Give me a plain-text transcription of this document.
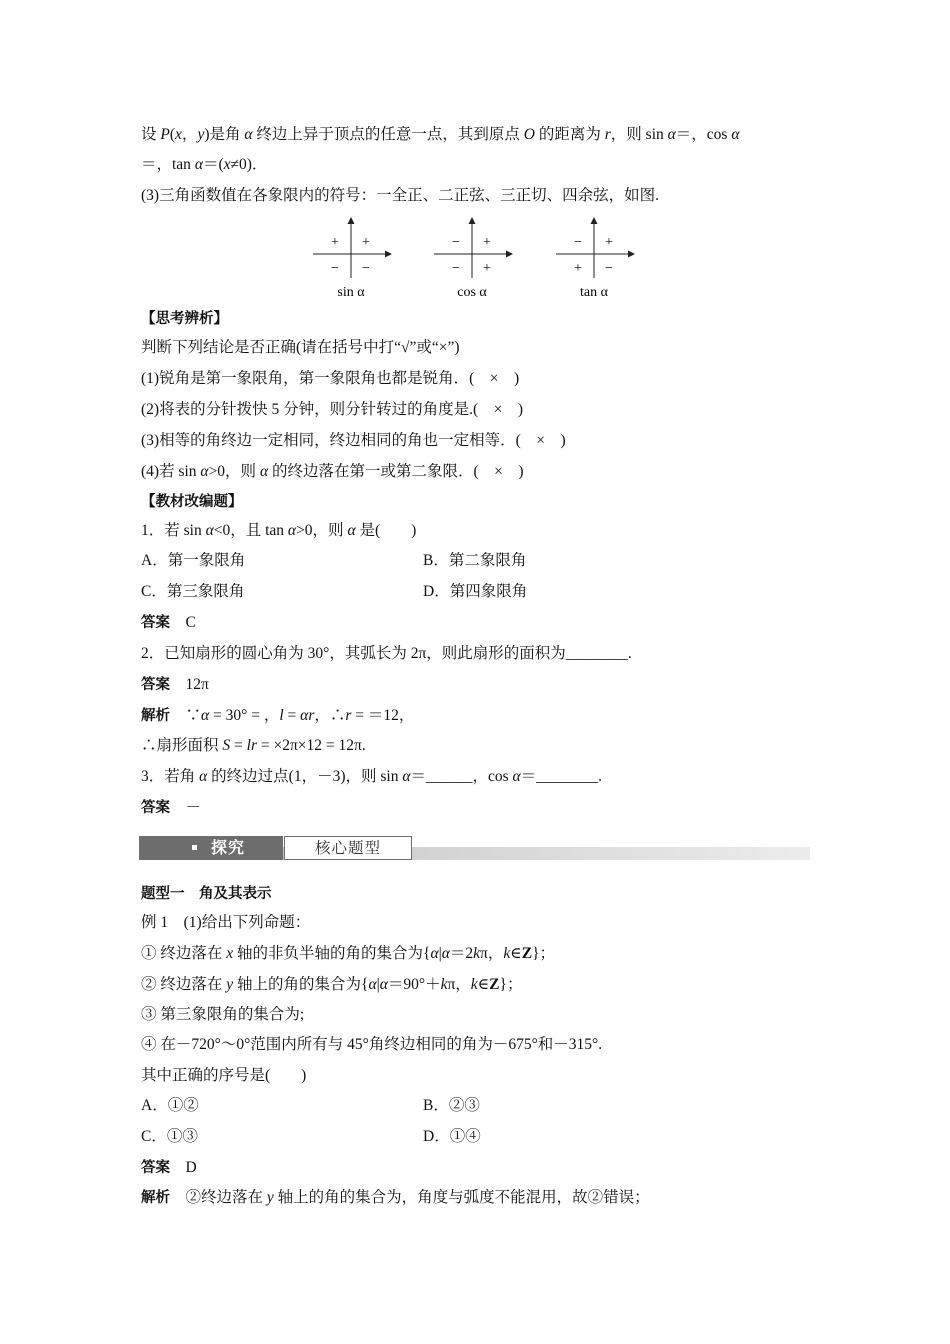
设 P(x，y)是角 α 终边上异于顶点的任意一点，其到原点 O 的距离为 r，则 sin α＝，cos α
＝，tan α＝(x≠0)．
(3)三角函数值在各象限内的符号：一全正、二正弦、三正切、四余弦，如图.
+ +
− −
sin α
− +
− +
cos α
− +
+ −
tan α
【思考辨析】
判断下列结论是否正确(请在括号中打“√”或“×”)
(1)锐角是第一象限角，第一象限角也都是锐角．(　×　)
(2)将表的分针拨快 5 分钟，则分针转过的角度是.(　×　)
(3)相等的角终边一定相同，终边相同的角也一定相等．(　×　)
(4)若 sin α>0，则 α 的终边落在第一或第二象限．(　×　)
【教材改编题】
1．若 sin α<0，且 tan α>0，则 α 是(　　)
A．第一象限角	B．第二象限角
C．第三象限角	D．第四象限角
答案　 C
2．已知扇形的圆心角为 30°，其弧长为 2π，则此扇形的面积为________.
答案　 12π
解析　 ∵α = 30° = ，l = αr，∴r = ＝12，
∴扇形面积 S = lr = ×2π×12 = 12π.
3．若角 α 的终边过点(1，－3)，则 sin α＝______，cos α＝________.
答案　 －
探究	核心题型
题型一　角及其表示
例 1　(1)给出下列命题：
① 终边落在 x 轴的非负半轴的角的集合为{α|α＝2kπ，k∈Z}；
② 终边落在 y 轴上的角的集合为{α|α＝90°＋kπ，k∈Z}；
③ 第三象限角的集合为;
④ 在－720°～0°范围内所有与 45°角终边相同的角为－675°和－315°.
其中正确的序号是(　　)
A．①②	B．②③
C．①③	D．①④
答案　 D
解析　 ②终边落在 y 轴上的角的集合为，角度与弧度不能混用，故②错误；
